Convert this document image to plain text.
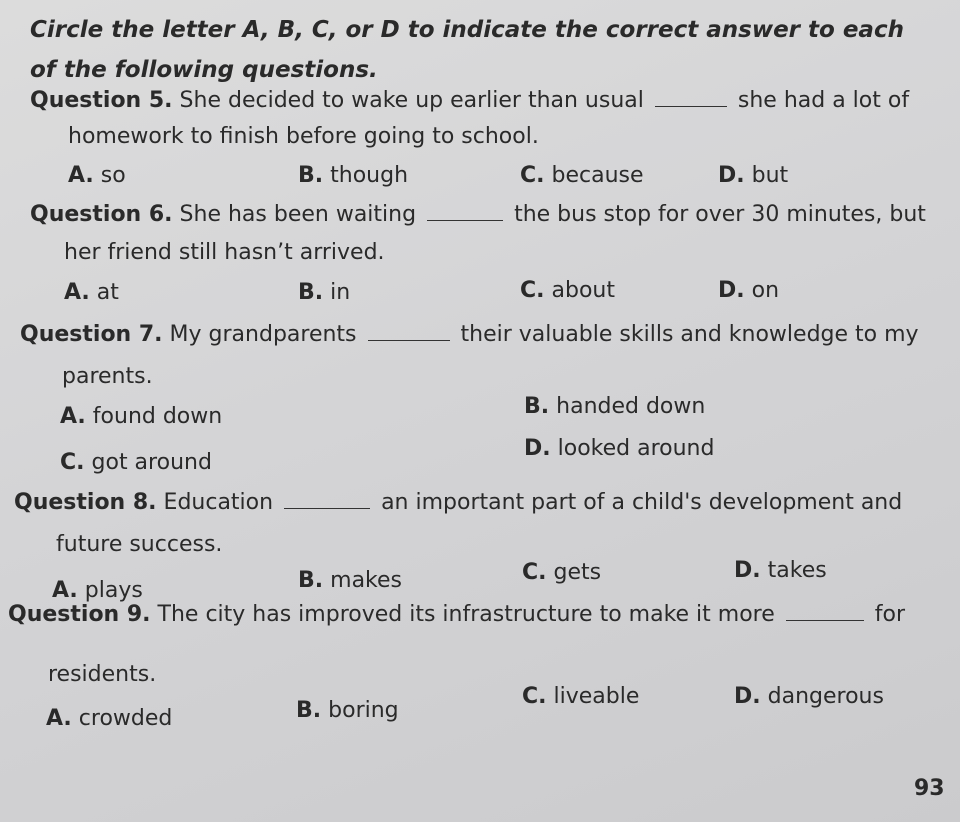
Circle the letter A, B, C, or D to indicate the correct answer to each of the following questions.
Question 5. She decided to wake up earlier than usual	she had a lot of
homework to finish before going to school.
A. so	B. though	C. because	D. but
Question 6. She has been waiting	the bus stop for over 30 minutes, but
her friend still hasn’t arrived.
A. at	B. in	C. about	D. on
Question 7. My grandparents	their valuable skills and knowledge to my
parents.
A. found down	B. handed down
C. got around
D. looked around
Question 8. Education	an important part of a child's development and
future success.
A. plays	B. makes	C. gets	D. takes
Question 9. The city has improved its infrastructure to make it more	for
residents.
A. crowded	B. boring
C. liveable	D. dangerous
93
